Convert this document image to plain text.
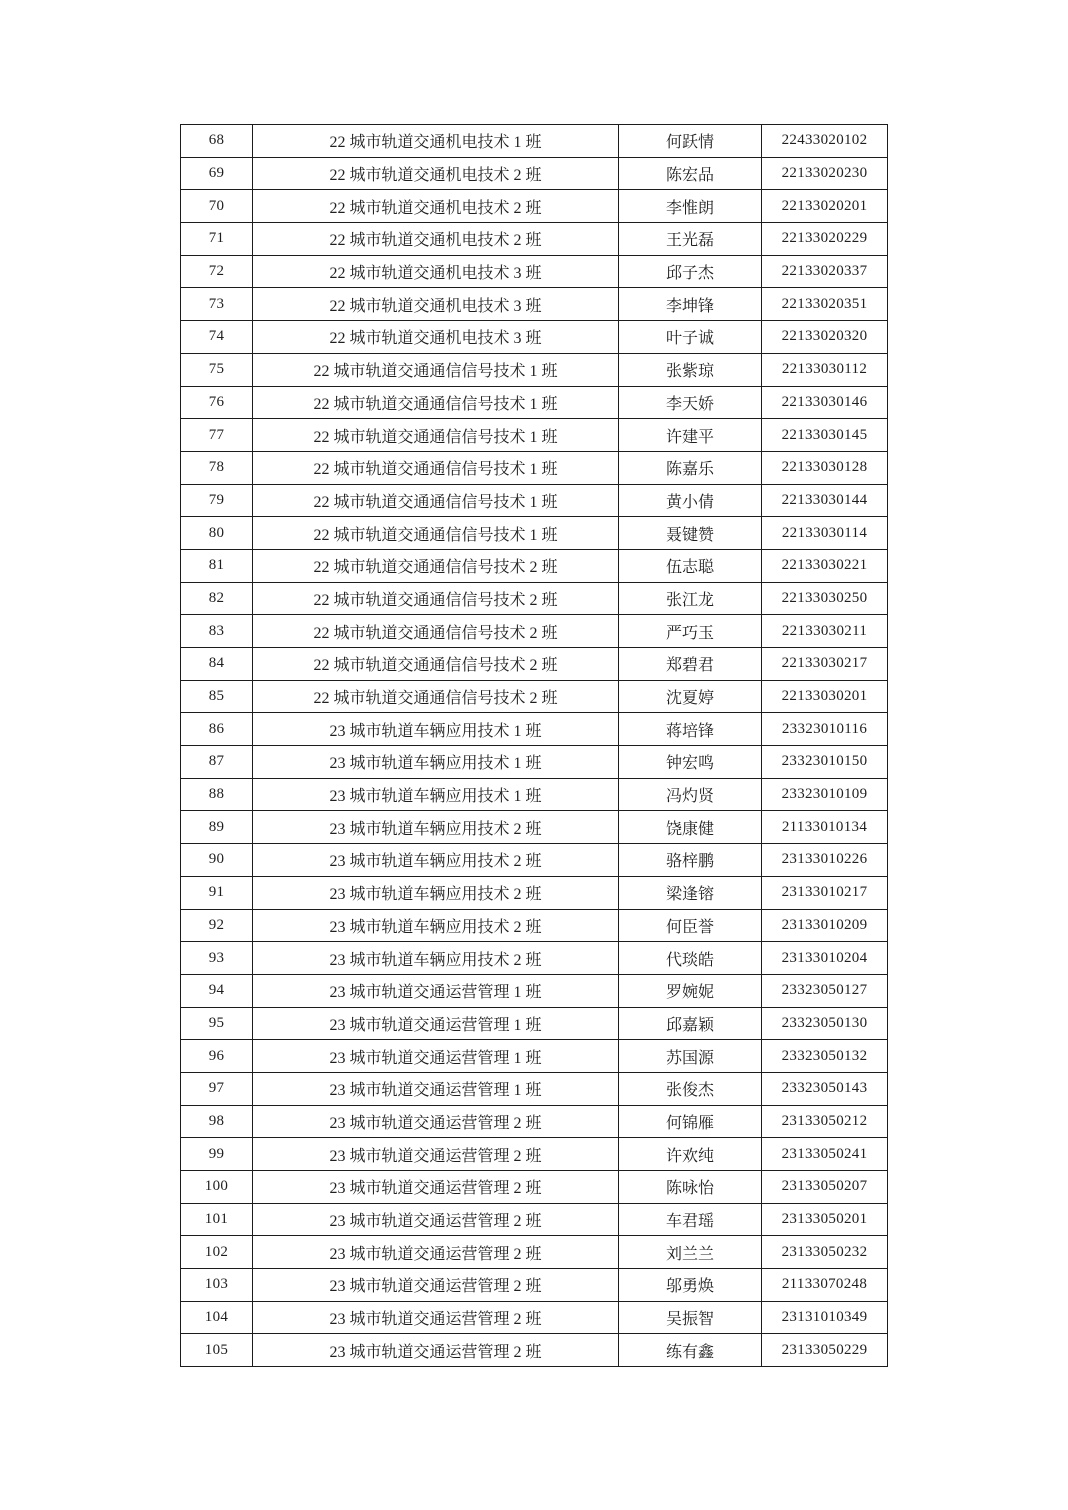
68	22 城市轨道交通机电技术 1 班	何跃情	22433020102
69	22 城市轨道交通机电技术 2 班	陈宏品	22133020230
70	22 城市轨道交通机电技术 2 班	李惟朗	22133020201
71	22 城市轨道交通机电技术 2 班	王光磊	22133020229
72	22 城市轨道交通机电技术 3 班	邱子杰	22133020337
73	22 城市轨道交通机电技术 3 班	李坤锋	22133020351
74	22 城市轨道交通机电技术 3 班	叶子诚	22133020320
75	22 城市轨道交通通信信号技术 1 班	张紫琼	22133030112
76	22 城市轨道交通通信信号技术 1 班	李天娇	22133030146
77	22 城市轨道交通通信信号技术 1 班	许建平	22133030145
78	22 城市轨道交通通信信号技术 1 班	陈嘉乐	22133030128
79	22 城市轨道交通通信信号技术 1 班	黄小倩	22133030144
80	22 城市轨道交通通信信号技术 1 班	聂键赞	22133030114
81	22 城市轨道交通通信信号技术 2 班	伍志聪	22133030221
82	22 城市轨道交通通信信号技术 2 班	张江龙	22133030250
83	22 城市轨道交通通信信号技术 2 班	严巧玉	22133030211
84	22 城市轨道交通通信信号技术 2 班	郑碧君	22133030217
85	22 城市轨道交通通信信号技术 2 班	沈夏婷	22133030201
86	23 城市轨道车辆应用技术 1 班	蒋培锋	23323010116
87	23 城市轨道车辆应用技术 1 班	钟宏鸣	23323010150
88	23 城市轨道车辆应用技术 1 班	冯灼贤	23323010109
89	23 城市轨道车辆应用技术 2 班	饶康健	21133010134
90	23 城市轨道车辆应用技术 2 班	骆梓鹏	23133010226
91	23 城市轨道车辆应用技术 2 班	梁逢镕	23133010217
92	23 城市轨道车辆应用技术 2 班	何臣誉	23133010209
93	23 城市轨道车辆应用技术 2 班	代琰皓	23133010204
94	23 城市轨道交通运营管理 1 班	罗婉妮	23323050127
95	23 城市轨道交通运营管理 1 班	邱嘉颖	23323050130
96	23 城市轨道交通运营管理 1 班	苏国源	23323050132
97	23 城市轨道交通运营管理 1 班	张俊杰	23323050143
98	23 城市轨道交通运营管理 2 班	何锦雁	23133050212
99	23 城市轨道交通运营管理 2 班	许欢纯	23133050241
100	23 城市轨道交通运营管理 2 班	陈咏怡	23133050207
101	23 城市轨道交通运营管理 2 班	车君瑶	23133050201
102	23 城市轨道交通运营管理 2 班	刘兰兰	23133050232
103	23 城市轨道交通运营管理 2 班	邬勇焕	21133070248
104	23 城市轨道交通运营管理 2 班	吴振智	23131010349
105	23 城市轨道交通运营管理 2 班	练有鑫	23133050229
